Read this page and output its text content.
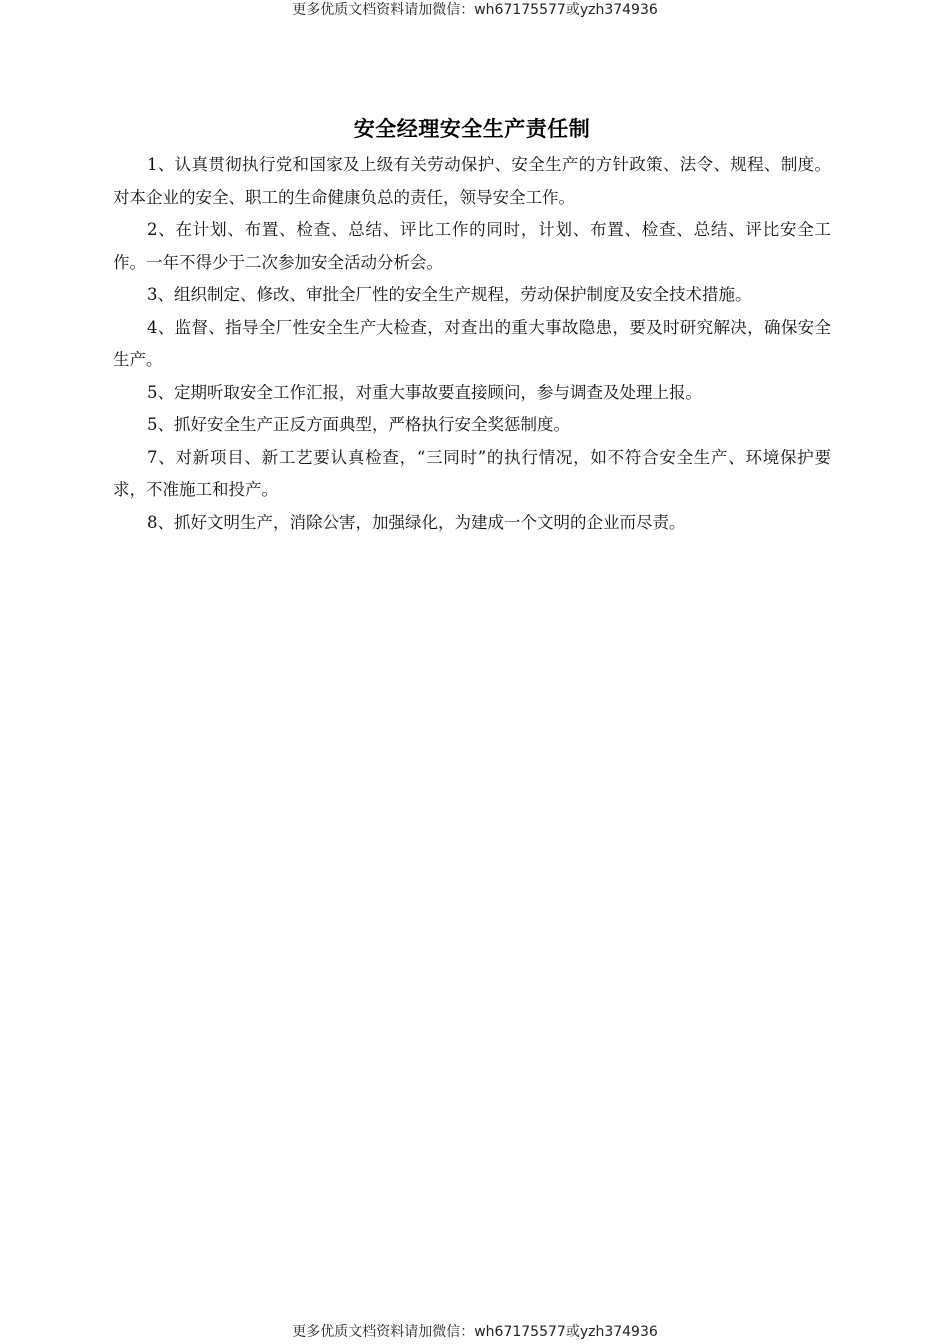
更多优质文档资料请加微信：wh67175577或yzh374936
安全经理安全生产责任制

1、认真贯彻执行党和国家及上级有关劳动保护、安全生产的方针政策、法令、规程、制度。对本企业的安全、职工的生命健康负总的责任，领导安全工作。

2、在计划、布置、检查、总结、评比工作的同时，计划、布置、检查、总结、评比安全工作。一年不得少于二次参加安全活动分析会。

3、组织制定、修改、审批全厂性的安全生产规程，劳动保护制度及安全技术措施。

4、监督、指导全厂性安全生产大检查，对查出的重大事故隐患，要及时研究解决，确保安全生产。

5、定期听取安全工作汇报，对重大事故要直接顾问，参与调查及处理上报。

5、抓好安全生产正反方面典型，严格执行安全奖惩制度。

7、对新项目、新工艺要认真检查，“三同时”的执行情况，如不符合安全生产、环境保护要求，不准施工和投产。

8、抓好文明生产，消除公害，加强绿化，为建成一个文明的企业而尽责。

更多优质文档资料请加微信：wh67175577或yzh374936
